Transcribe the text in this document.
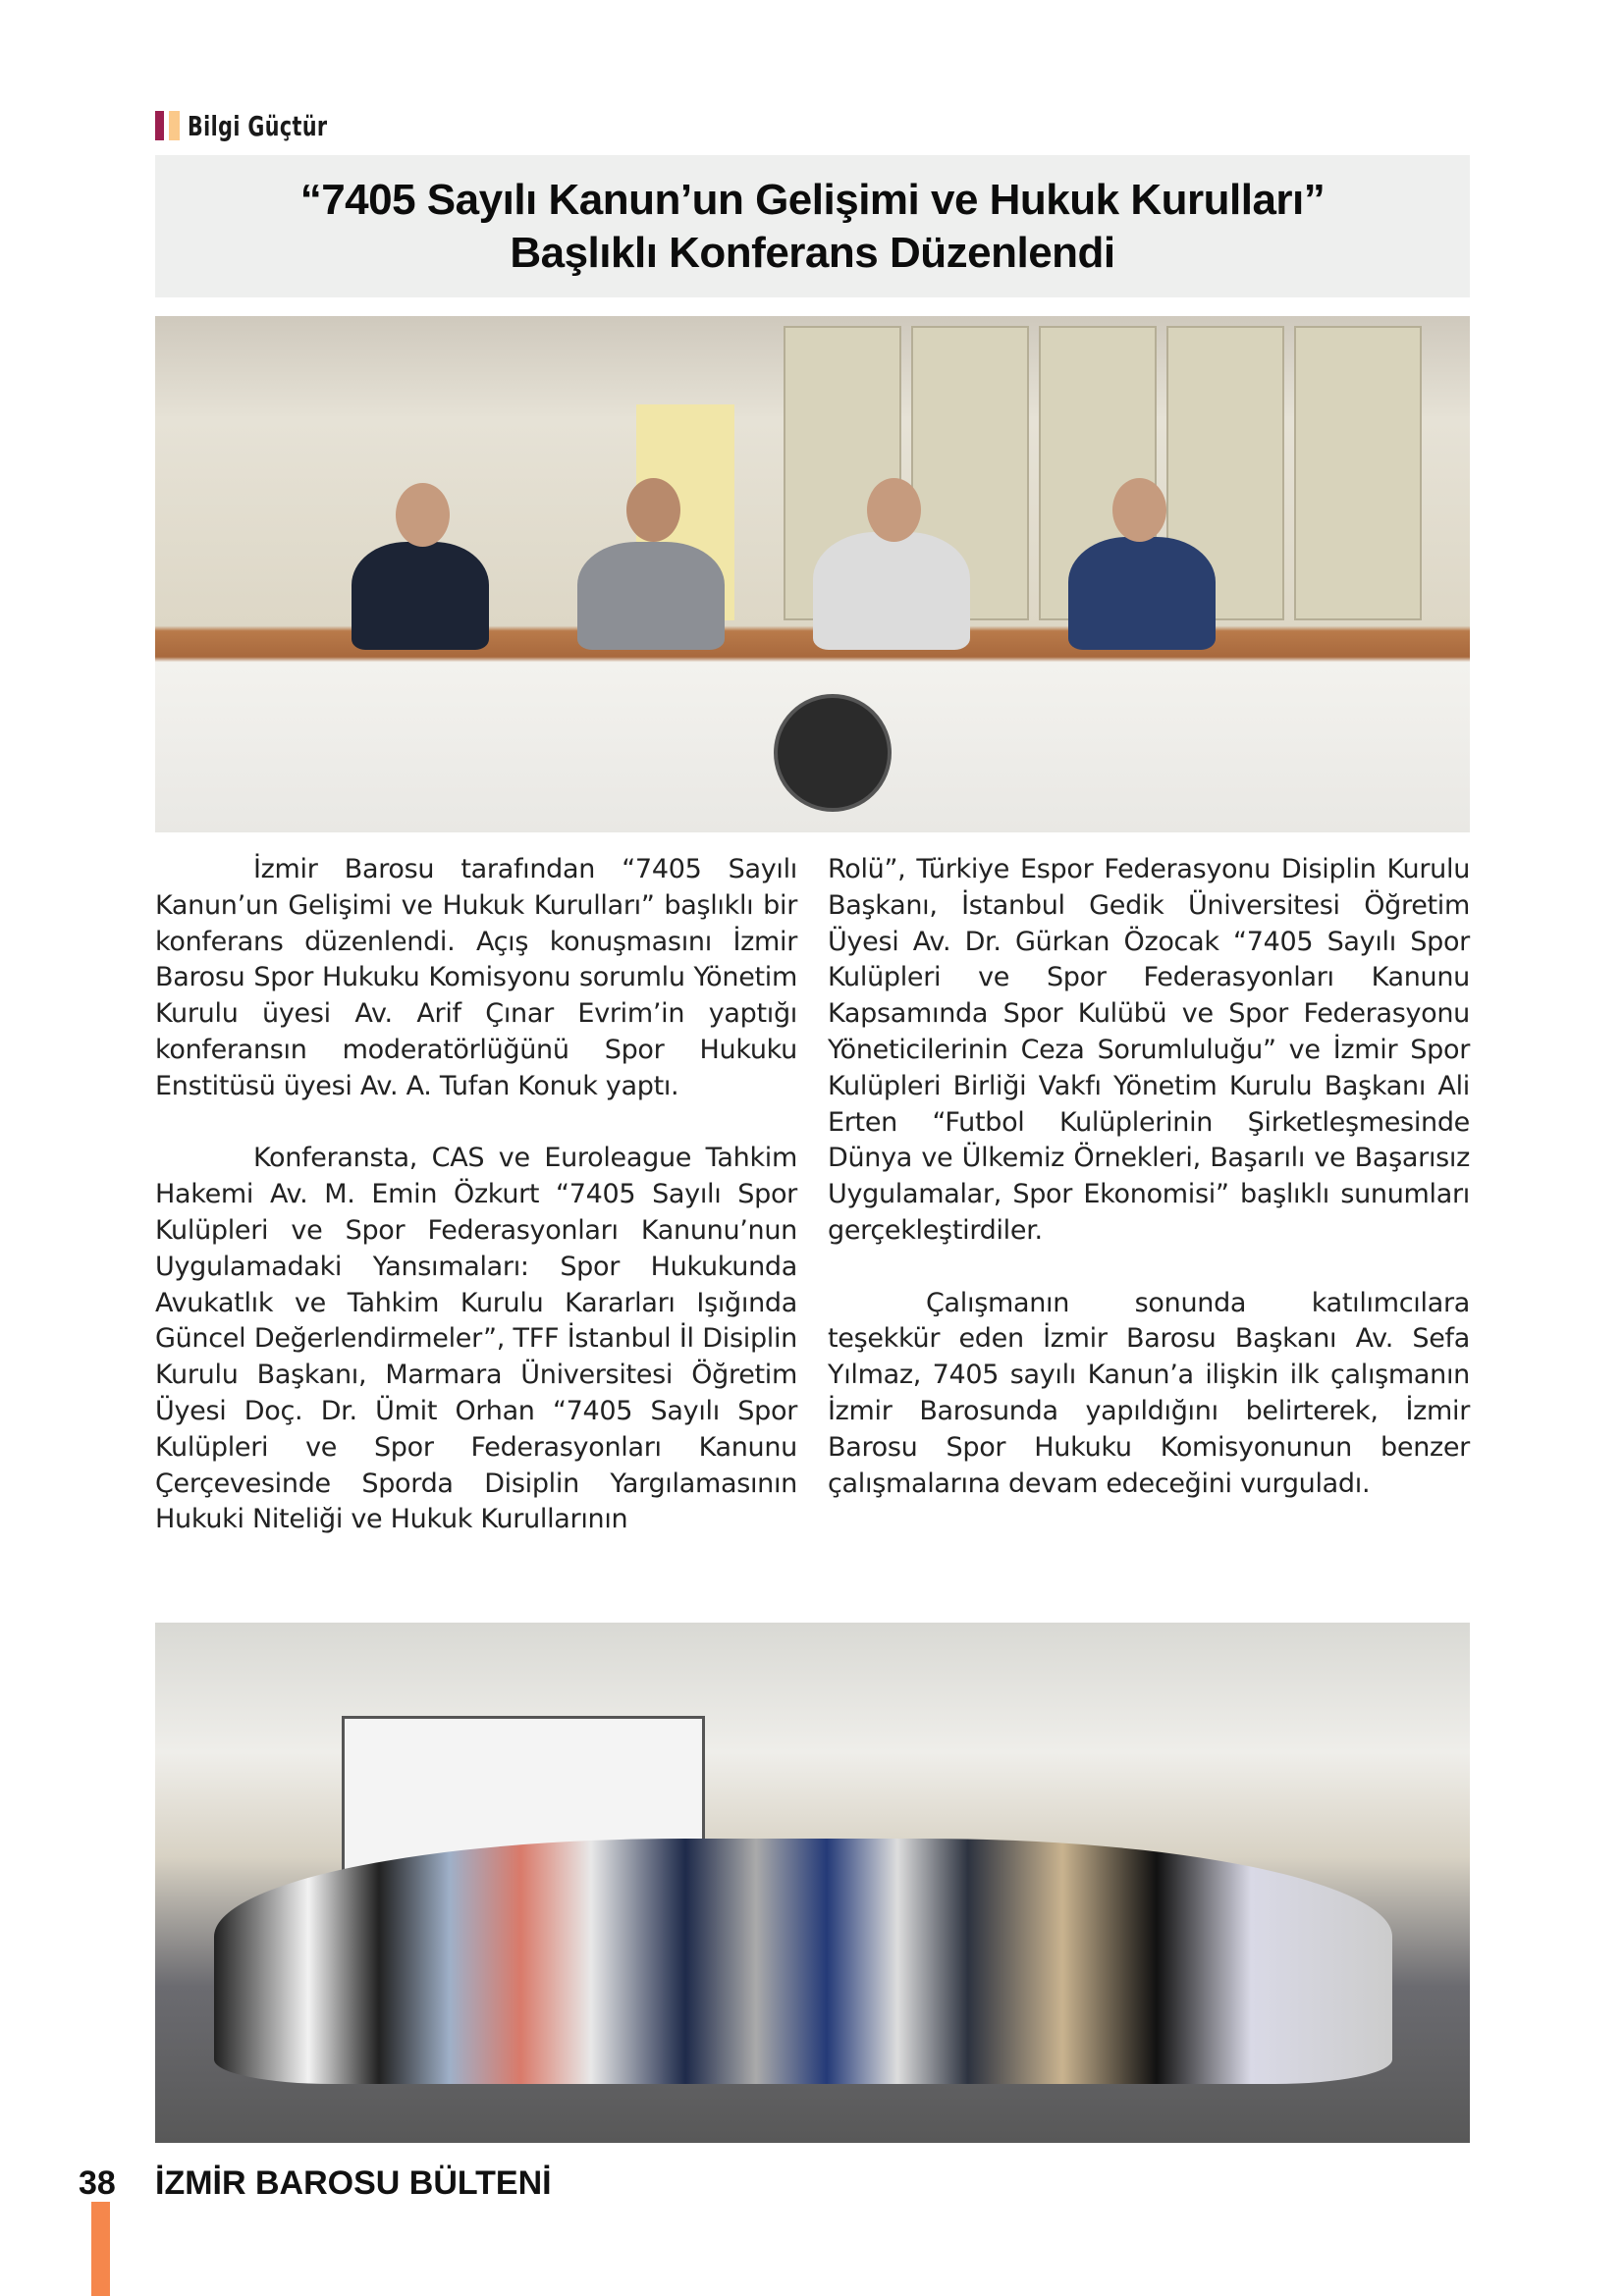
Bilgi Güçtür
“7405 Sayılı Kanun’un Gelişimi ve Hukuk Kurulları”
Başlıklı Konferans Düzenlendi

İzmir Barosu tarafından “7405 Sayılı Kanun’un Gelişimi ve Hukuk Kurulları” başlıklı bir konferans düzenlendi. Açış konuşmasını İzmir Barosu Spor Hukuku Komisyonu sorumlu Yönetim Kurulu üyesi Av. Arif Çınar Evrim’in yaptığı konferansın moderatörlüğünü Spor Hukuku Enstitüsü üyesi Av. A. Tufan Konuk yaptı.

Konferansta, CAS ve Euroleague Tahkim Hakemi Av. M. Emin Özkurt “7405 Sayılı Spor Kulüpleri ve Spor Federasyonları Kanunu’nun Uygulamadaki Yansımaları: Spor Hukukunda Avukatlık ve Tahkim Kurulu Kararları Işığında Güncel Değerlendirmeler”, TFF İstanbul İl Disiplin Kurulu Başkanı, Marmara Üniversitesi Öğretim Üyesi Doç. Dr. Ümit Orhan “7405 Sayılı Spor Kulüpleri ve Spor Federasyonları Kanunu Çerçevesinde Sporda Disiplin Yargılamasının Hukuki Niteliği ve Hukuk Kurullarının

Rolü”, Türkiye Espor Federasyonu Disiplin Kurulu Başkanı, İstanbul Gedik Üniversitesi Öğretim Üyesi Av. Dr. Gürkan Özocak “7405 Sayılı Spor Kulüpleri ve Spor Federasyonları Kanunu Kapsamında Spor Kulübü ve Spor Federasyonu Yöneticilerinin Ceza Sorumluluğu” ve İzmir Spor Kulüpleri Birliği Vakfı Yönetim Kurulu Başkanı Ali Erten “Futbol Kulüplerinin Şirketleşmesinde Dünya ve Ülkemiz Örnekleri, Başarılı ve Başarısız Uygulamalar, Spor Ekonomisi” başlıklı sunumları gerçekleştirdiler.

Çalışmanın sonunda katılımcılara teşekkür eden İzmir Barosu Başkanı Av. Sefa Yılmaz, 7405 sayılı Kanun’a ilişkin ilk çalışmanın İzmir Barosunda yapıldığını belirterek, İzmir Barosu Spor Hukuku Komisyonunun benzer çalışmalarına devam edeceğini vurguladı.

38 İZMİR BAROSU BÜLTENİ
